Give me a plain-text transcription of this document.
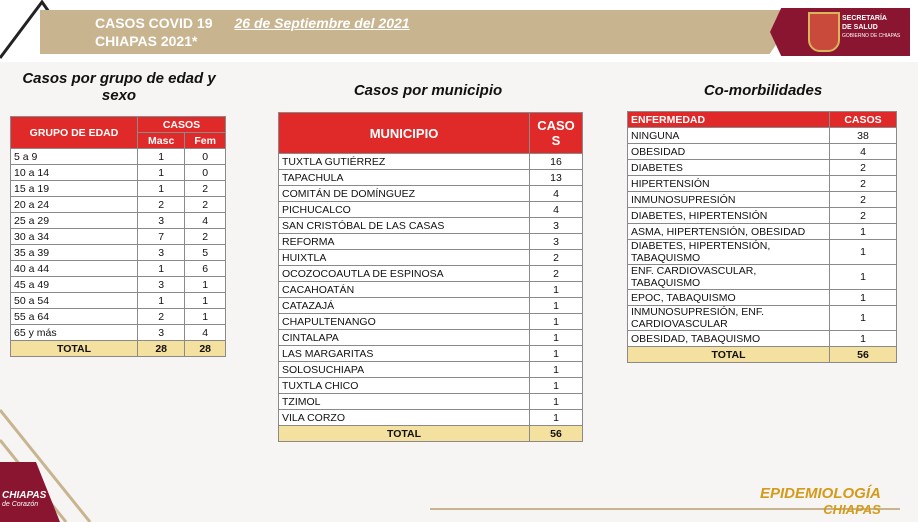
CASOS COVID 19 26 de Septiembre del 2021
CHIAPAS 2021*
SECRETARÍA
DE SALUD
GOBIERNO DE CHIAPAS
Casos por grupo de edad y sexo
GRUPO DE EDAD	CASOS	
	Masc	Fem
5 a 9	1	0
10 a 14	1	0
15 a 19	1	2
20 a 24	2	2
25 a 29	3	4
30 a 34	7	2
35 a 39	3	5
40 a 44	1	6
45 a 49	3	1
50 a 54	1	1
55 a 64	2	1
65 y más	3	4
TOTAL	28	28
Casos por municipio
MUNICIPIO	CASOS
TUXTLA GUTIÉRREZ	16
TAPACHULA	13
COMITÁN DE DOMÍNGUEZ	4
PICHUCALCO	4
SAN CRISTÓBAL DE LAS CASAS	3
REFORMA	3
HUIXTLA	2
OCOZOCOAUTLA DE ESPINOSA	2
CACAHOATÁN	1
CATAZAJÁ	1
CHAPULTENANGO	1
CINTALAPA	1
LAS MARGARITAS	1
SOLOSUCHIAPA	1
TUXTLA CHICO	1
TZIMOL	1
VILA CORZO	1
TOTAL	56
Co-morbilidades
ENFERMEDAD	CASOS
NINGUNA	38
OBESIDAD	4
DIABETES	2
HIPERTENSIÓN	2
INMUNOSUPRESIÓN	2
DIABETES, HIPERTENSIÓN	2
ASMA, HIPERTENSIÓN, OBESIDAD	1
DIABETES, HIPERTENSIÓN, TABAQUISMO	1
ENF. CARDIOVASCULAR, TABAQUISMO	1
EPOC, TABAQUISMO	1
INMUNOSUPRESIÓN, ENF. CARDIOVASCULAR	1
OBESIDAD, TABAQUISMO	1
TOTAL	56
CHIAPAS
de Corazón
EPIDEMIOLOGÍA
CHIAPAS
